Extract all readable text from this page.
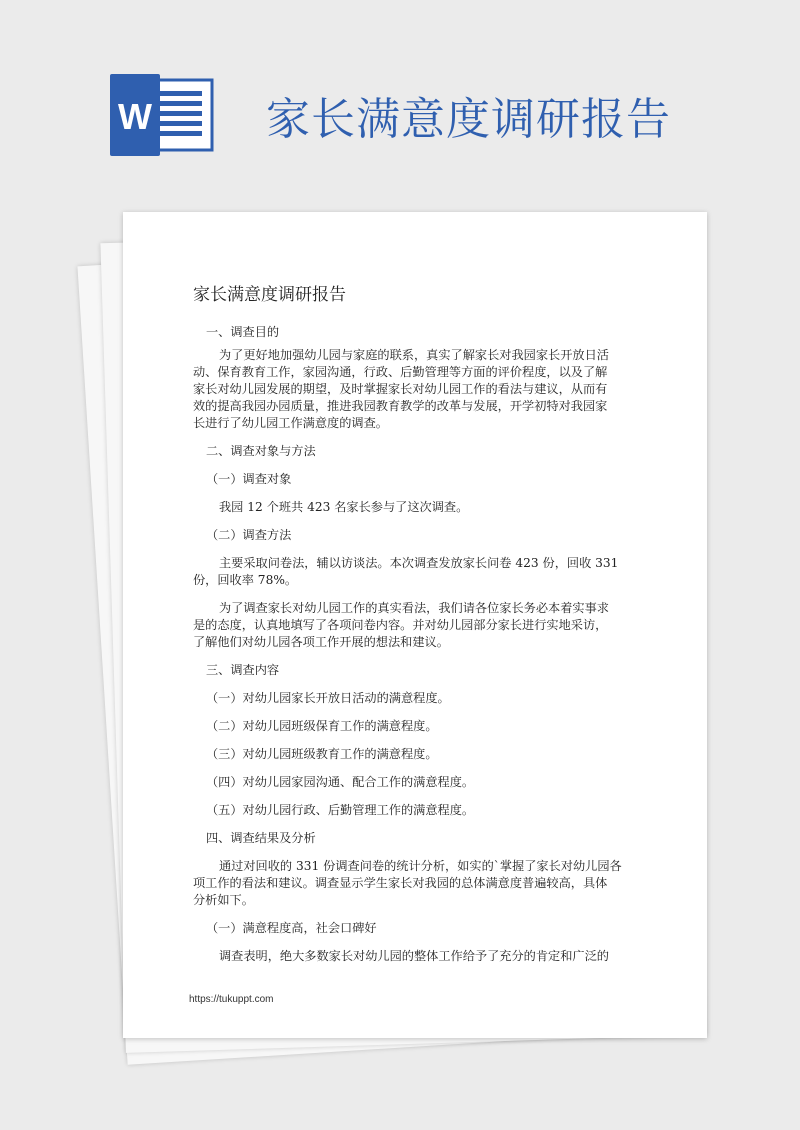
W	家长满意度调研报告
家长满意度调研报告

一、调查目的

为了更好地加强幼儿园与家庭的联系，真实了解家长对我园家长开放日活

动、保育教育工作，家园沟通，行政、后勤管理等方面的评价程度，以及了解

家长对幼儿园发展的期望，及时掌握家长对幼儿园工作的看法与建议，从而有

效的提高我园办园质量，推进我园教育教学的改革与发展，开学初特对我园家

长进行了幼儿园工作满意度的调查。

二、调查对象与方法

（一）调查对象

我园 12 个班共 423 名家长参与了这次调查。

（二）调查方法

主要采取问卷法，辅以访谈法。本次调查发放家长问卷 423 份，回收 331

份，回收率 78%。

为了调查家长对幼儿园工作的真实看法，我们请各位家长务必本着实事求

是的态度，认真地填写了各项问卷内容。并对幼儿园部分家长进行实地采访，

了解他们对幼儿园各项工作开展的想法和建议。

三、调查内容

（一）对幼儿园家长开放日活动的满意程度。

（二）对幼儿园班级保育工作的满意程度。

（三）对幼儿园班级教育工作的满意程度。

（四）对幼儿园家园沟通、配合工作的满意程度。

（五）对幼儿园行政、后勤管理工作的满意程度。

四、调查结果及分析

通过对回收的 331 份调查问卷的统计分析，如实的`掌握了家长对幼儿园各

项工作的看法和建议。调查显示学生家长对我园的总体满意度普遍较高，具体

分析如下。

（一）满意程度高，社会口碑好

调查表明，绝大多数家长对幼儿园的整体工作给予了充分的肯定和广泛的

https://tukuppt.com
